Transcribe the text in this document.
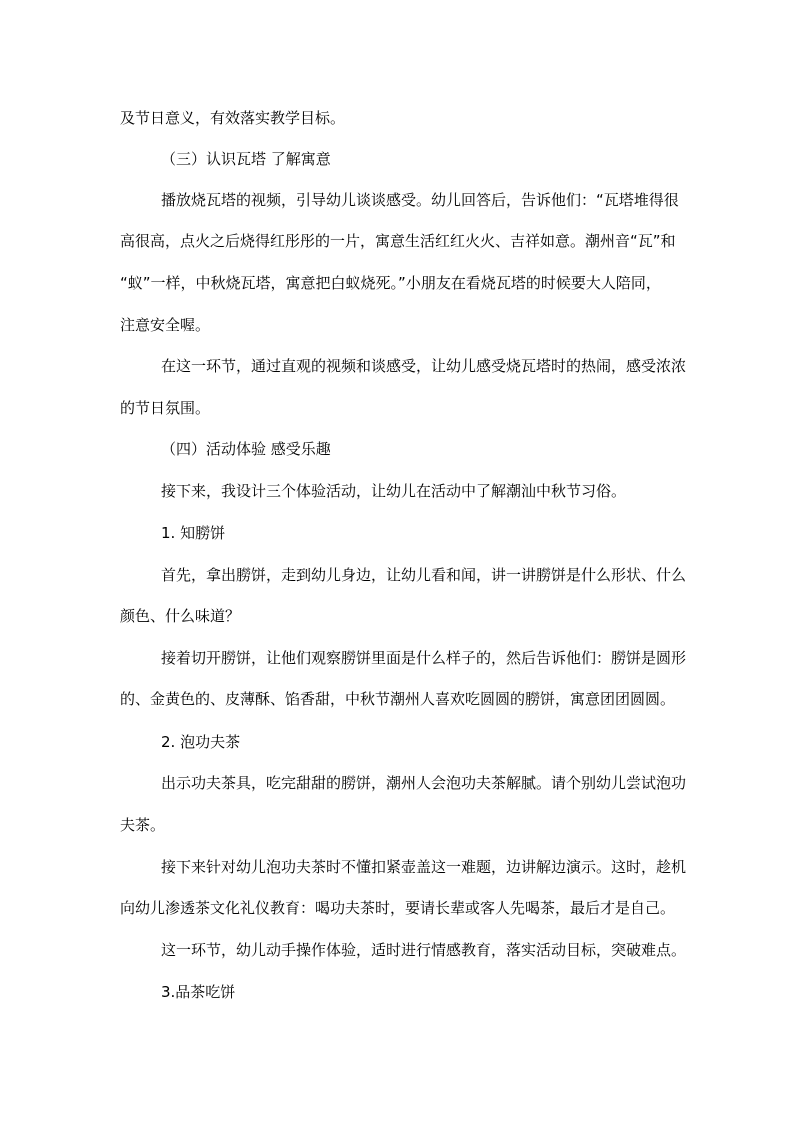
及节日意义，有效落实教学目标。
（三）认识瓦塔 了解寓意
播放烧瓦塔的视频，引导幼儿谈谈感受。幼儿回答后，告诉他们：“瓦塔堆得很
高很高，点火之后烧得红彤彤的一片，寓意生活红红火火、吉祥如意。潮州音“瓦”和
“蚁”一样，中秋烧瓦塔，寓意把白蚁烧死。”小朋友在看烧瓦塔的时候要大人陪同，
注意安全喔。
在这一环节，通过直观的视频和谈感受，让幼儿感受烧瓦塔时的热闹，感受浓浓
的节日氛围。
（四）活动体验 感受乐趣
接下来，我设计三个体验活动，让幼儿在活动中了解潮汕中秋节习俗。
1. 知朥饼
首先，拿出朥饼，走到幼儿身边，让幼儿看和闻，讲一讲朥饼是什么形状、什么
颜色、什么味道？
接着切开朥饼，让他们观察朥饼里面是什么样子的，然后告诉他们：朥饼是圆形
的、金黄色的、皮薄酥、馅香甜，中秋节潮州人喜欢吃圆圆的朥饼，寓意团团圆圆。
2. 泡功夫茶
出示功夫茶具，吃完甜甜的朥饼，潮州人会泡功夫茶解腻。请个别幼儿尝试泡功
夫茶。
接下来针对幼儿泡功夫茶时不懂扣紧壶盖这一难题，边讲解边演示。这时，趁机
向幼儿渗透茶文化礼仪教育：喝功夫茶时，要请长辈或客人先喝茶，最后才是自己。
这一环节，幼儿动手操作体验，适时进行情感教育，落实活动目标，突破难点。
3.品茶吃饼
